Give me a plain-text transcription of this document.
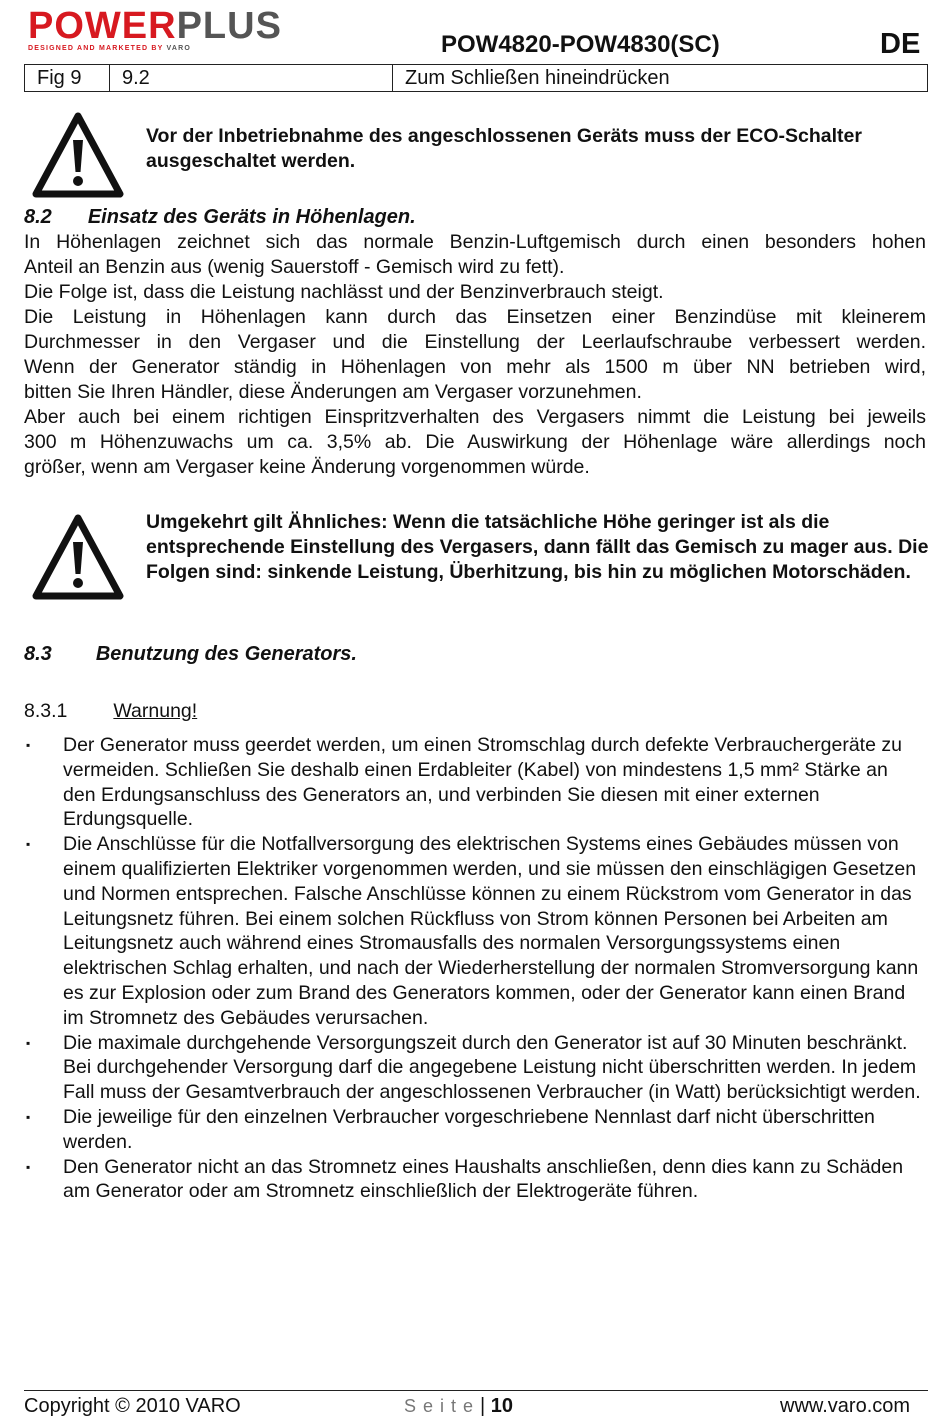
POWERPLUS
DESIGNED AND MARKETED BY VARO	POW4820-POW4830(SC)	DE
Fig 9	9.2	Zum Schließen hineindrücken
Vor der Inbetriebnahme des angeschlossenen Geräts muss der ECO-Schalter ausgeschaltet werden.
8.2 Einsatz des Geräts in Höhenlagen.
In Höhenlagen zeichnet sich das normale Benzin-Luftgemisch durch einen besonders hohen
Anteil an Benzin aus (wenig Sauerstoff - Gemisch wird zu fett).
Die Folge ist, dass die Leistung nachlässt und der Benzinverbrauch steigt.
Die Leistung in Höhenlagen kann durch das Einsetzen einer Benzindüse mit kleinerem
Durchmesser in den Vergaser und die Einstellung der Leerlaufschraube verbessert werden.
Wenn der Generator ständig in Höhenlagen von mehr als 1500 m über NN betrieben wird,
bitten Sie Ihren Händler, diese Änderungen am Vergaser vorzunehmen.
Aber auch bei einem richtigen Einspritzverhalten des Vergasers nimmt die Leistung bei jeweils
300 m Höhenzuwachs um ca. 3,5% ab. Die Auswirkung der Höhenlage wäre allerdings noch
größer, wenn am Vergaser keine Änderung vorgenommen würde.
Umgekehrt gilt Ähnliches: Wenn die tatsächliche Höhe geringer ist als die entsprechende Einstellung des Vergasers, dann fällt das Gemisch zu mager aus. Die Folgen sind: sinkende Leistung, Überhitzung, bis hin zu möglichen Motorschäden.
8.3 Benutzung des Generators.
8.3.1 Warnung!
▪ Der Generator muss geerdet werden, um einen Stromschlag durch defekte Verbrauchergeräte zu vermeiden. Schließen Sie deshalb einen Erdableiter (Kabel) von mindestens 1,5 mm² Stärke an den Erdungsanschluss des Generators an, und verbinden Sie diesen mit einer externen Erdungsquelle.
▪ Die Anschlüsse für die Notfallversorgung des elektrischen Systems eines Gebäudes müssen von einem qualifizierten Elektriker vorgenommen werden, und sie müssen den einschlägigen Gesetzen und Normen entsprechen. Falsche Anschlüsse können zu einem Rückstrom vom Generator in das Leitungsnetz führen. Bei einem solchen Rückfluss von Strom können Personen bei Arbeiten am Leitungsnetz auch während eines Stromausfalls des normalen Versorgungssystems einen elektrischen Schlag erhalten, und nach der Wiederherstellung der normalen Stromversorgung kann es zur Explosion oder zum Brand des Generators kommen, oder der Generator kann einen Brand im Stromnetz des Gebäudes verursachen.
▪ Die maximale durchgehende Versorgungszeit durch den Generator ist auf 30 Minuten beschränkt. Bei durchgehender Versorgung darf die angegebene Leistung nicht überschritten werden. In jedem Fall muss der Gesamtverbrauch der angeschlossenen Verbraucher (in Watt) berücksichtigt werden.
▪ Die jeweilige für den einzelnen Verbraucher vorgeschriebene Nennlast darf nicht überschritten werden.
▪ Den Generator nicht an das Stromnetz eines Haushalts anschließen, denn dies kann zu Schäden am Generator oder am Stromnetz einschließlich der Elektrogeräte führen.
Copyright © 2010 VARO	Seite| 10	www.varo.com
